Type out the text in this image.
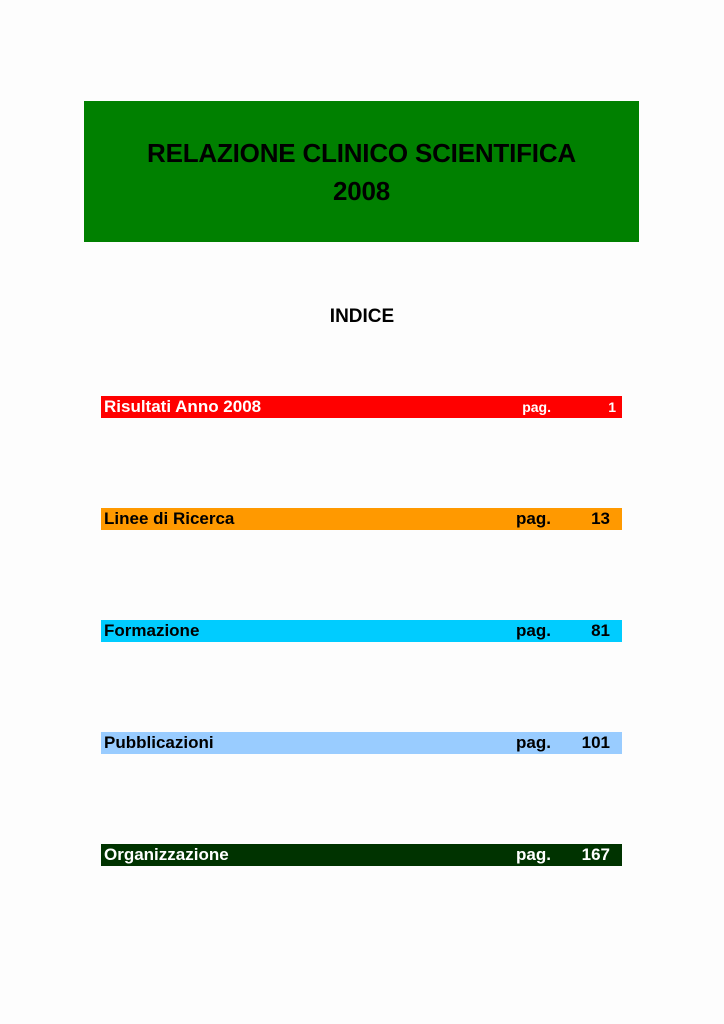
RELAZIONE CLINICO SCIENTIFICA
2008
INDICE
Risultati Anno 2008	pag.	1
Linee di Ricerca	pag. 13
Formazione	pag. 81
Pubblicazioni	pag. 101
Organizzazione	pag. 167
